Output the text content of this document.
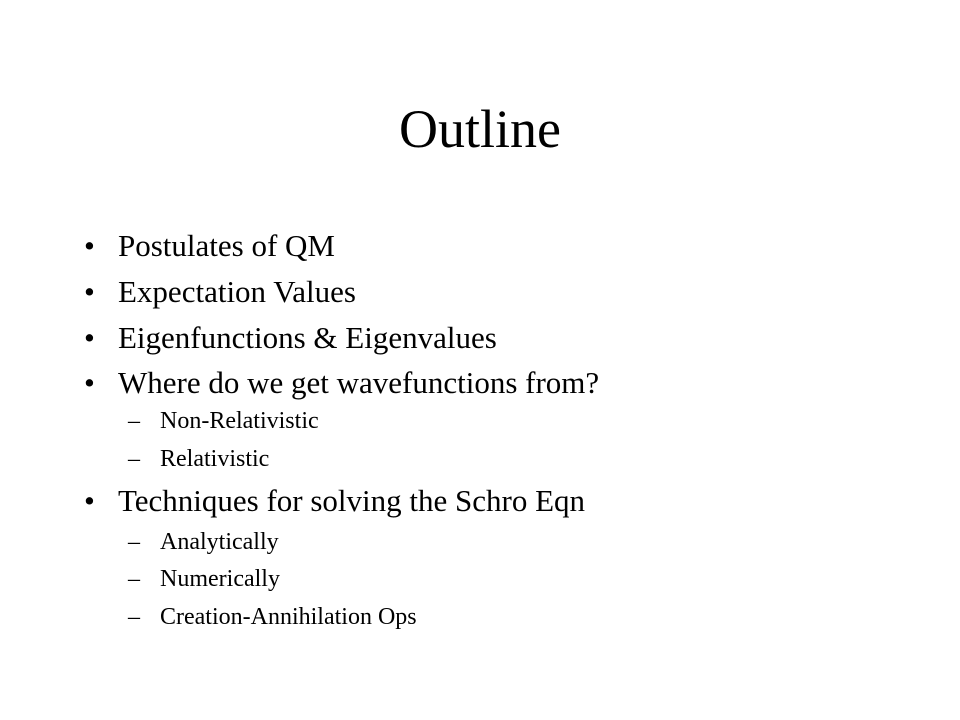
Outline
• Postulates of QM
• Expectation Values
• Eigenfunctions & Eigenvalues
• Where do we get wavefunctions from?
– Non-Relativistic
– Relativistic
• Techniques for solving the Schro Eqn
– Analytically
– Numerically
– Creation-Annihilation Ops
